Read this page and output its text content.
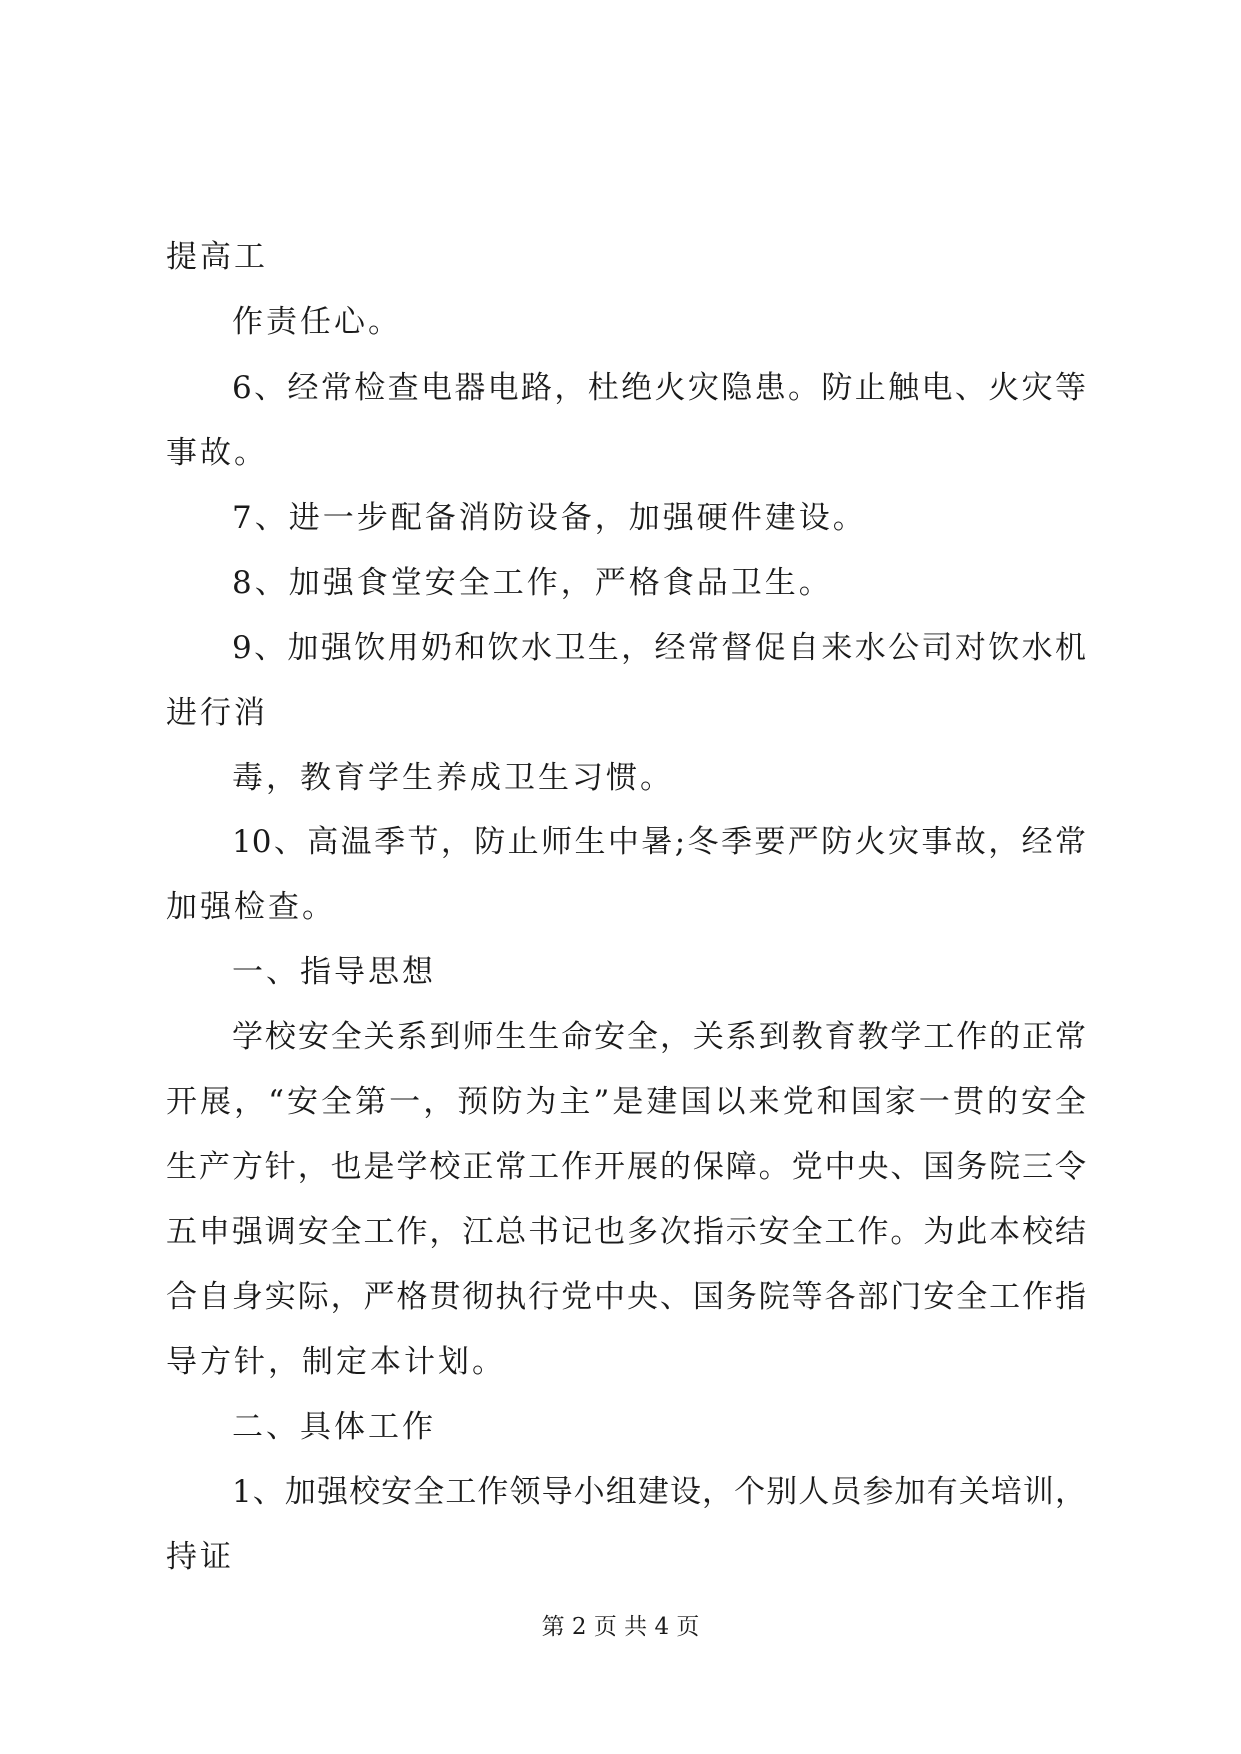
提高工
作责任心。
6、经常检查电器电路，杜绝火灾隐患。防止触电、火灾等
事故。
7、进一步配备消防设备，加强硬件建设。
8、加强食堂安全工作，严格食品卫生。
9、加强饮用奶和饮水卫生，经常督促自来水公司对饮水机
进行消
毒，教育学生养成卫生习惯。
10、高温季节，防止师生中暑;冬季要严防火灾事故，经常
加强检查。
一、指导思想
学校安全关系到师生生命安全，关系到教育教学工作的正常
开展，“安全第一，预防为主”是建国以来党和国家一贯的安全
生产方针，也是学校正常工作开展的保障。党中央、国务院三令
五申强调安全工作，江总书记也多次指示安全工作。为此本校结
合自身实际，严格贯彻执行党中央、国务院等各部门安全工作指
导方针，制定本计划。
二、具体工作
1、加强校安全工作领导小组建设，个别人员参加有关培训，
持证
第 2 页 共 4 页
